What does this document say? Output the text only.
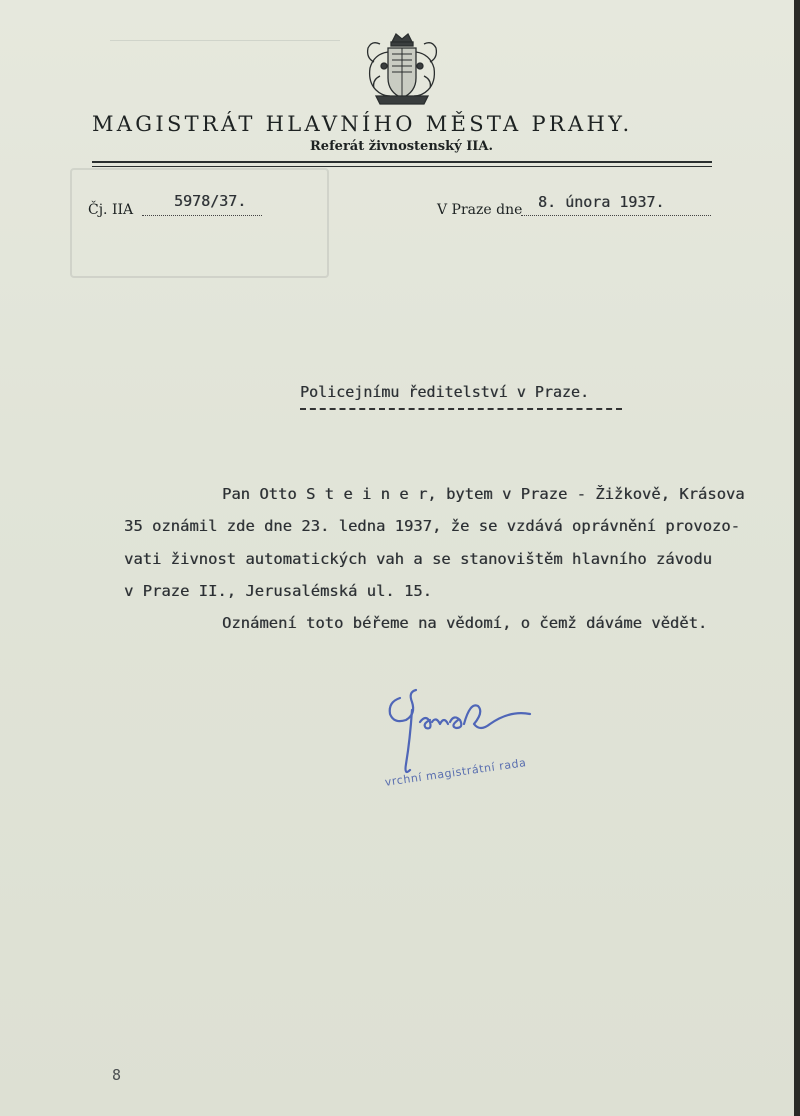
MAGISTRÁT HLAVNÍHO MĚSTA PRAHY.
Referát živnostenský IIA.
Čj. IIA	5978/37.	V Praze dne 8. února 1937.
Policejnímu ředitelství v Praze.
Pan Otto S t e i n e r, bytem v Praze - Žižkově, Krásova
35 oznámil zde dne 23. ledna 1937, že se vzdává oprávnění provozo-
vati živnost automatických vah a se stanovištěm hlavního závodu
v Praze II., Jerusalémská ul. 15.
Oznámení toto béřeme na vědomí, o čemž dáváme vědět.
vrchní magistrátní rada
8
